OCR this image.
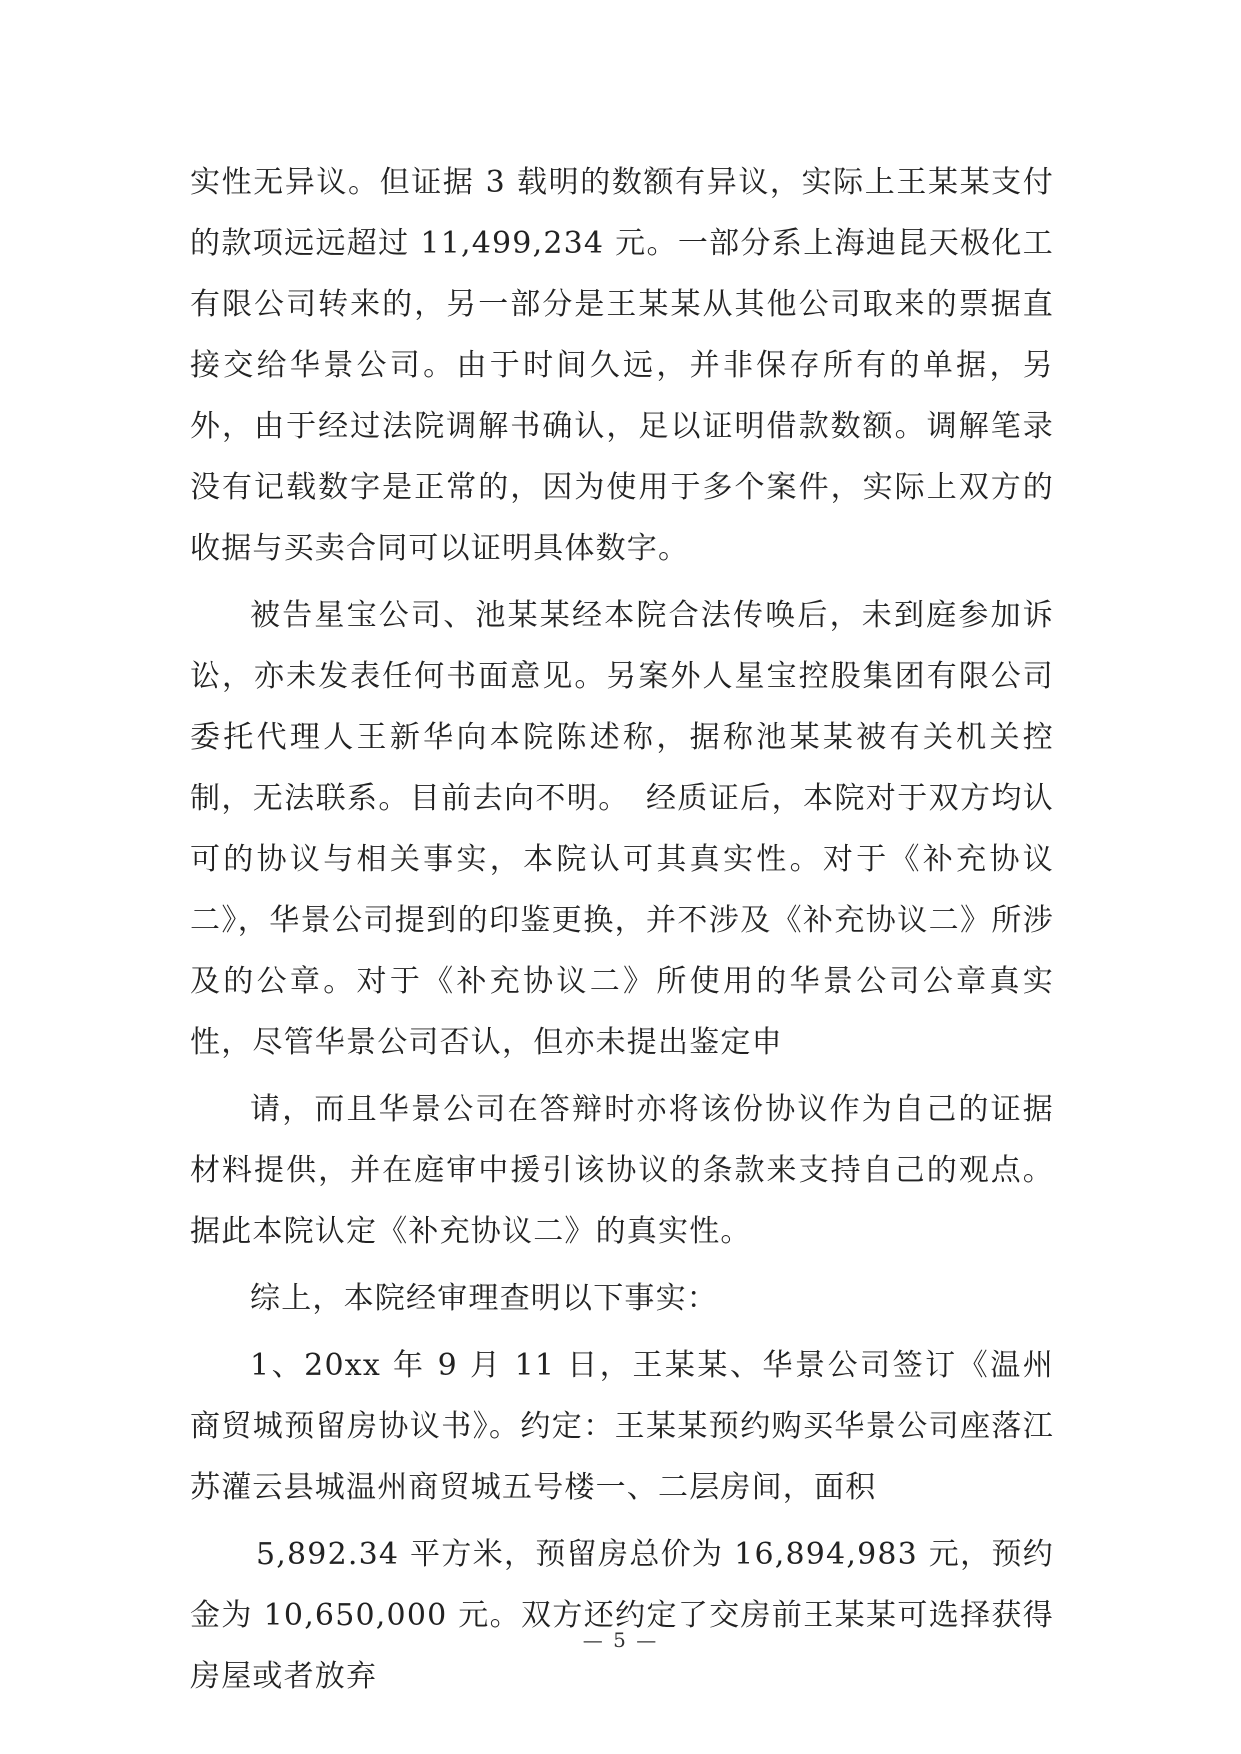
实性无异议。但证据 3 载明的数额有异议，实际上王某某支付的款项远远超过 11,499,234 元。一部分系上海迪昆天极化工有限公司转来的，另一部分是王某某从其他公司取来的票据直接交给华景公司。由于时间久远，并非保存所有的单据，另外，由于经过法院调解书确认，足以证明借款数额。调解笔录没有记载数字是正常的，因为使用于多个案件，实际上双方的收据与买卖合同可以证明具体数字。

被告星宝公司、池某某经本院合法传唤后，未到庭参加诉讼，亦未发表任何书面意见。另案外人星宝控股集团有限公司委托代理人王新华向本院陈述称，据称池某某被有关机关控制，无法联系。目前去向不明。　经质证后，本院对于双方均认可的协议与相关事实，本院认可其真实性。对于《补充协议二》，华景公司提到的印鉴更换，并不涉及《补充协议二》所涉及的公章。对于《补充协议二》所使用的华景公司公章真实性，尽管华景公司否认，但亦未提出鉴定申

请，而且华景公司在答辩时亦将该份协议作为自己的证据材料提供，并在庭审中援引该协议的条款来支持自己的观点。据此本院认定《补充协议二》的真实性。

综上，本院经审理查明以下事实：

1、20xx 年 9 月 11 日，王某某、华景公司签订《温州商贸城预留房协议书》。约定：王某某预约购买华景公司座落江苏灌云县城温州商贸城五号楼一、二层房间，面积

5,892.34 平方米，预留房总价为 16,894,983 元，预约金为 10,650,000 元。双方还约定了交房前王某某可选择获得房屋或者放弃

— 5 —
